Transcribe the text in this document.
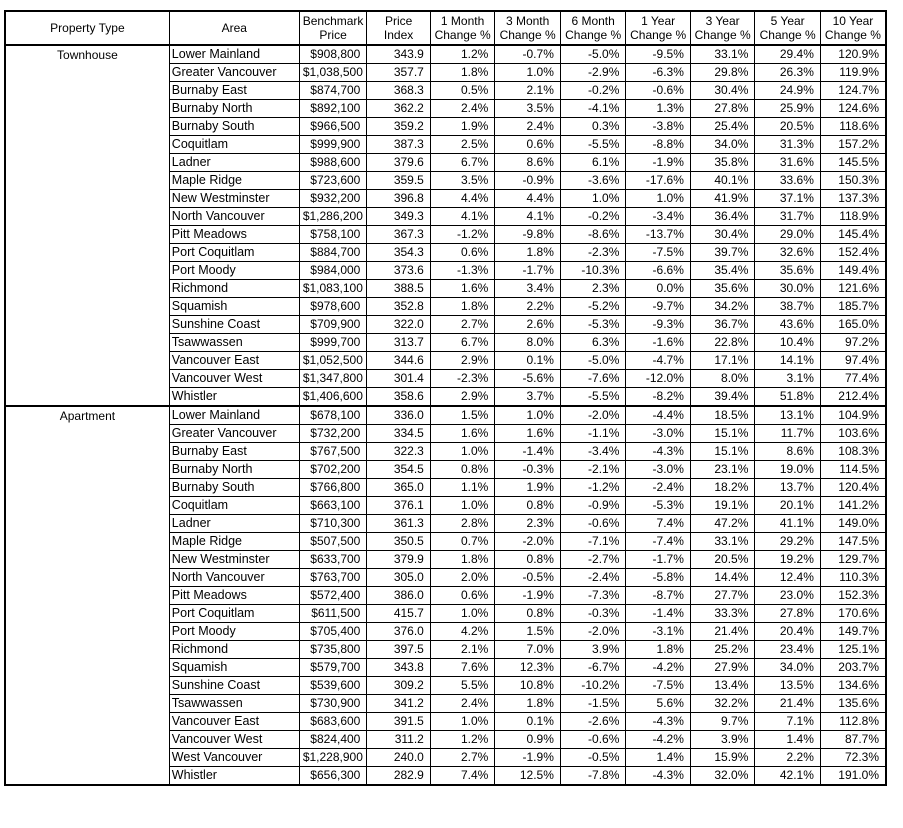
Property Type	Area	Benchmark Price	Price Index	1 Month Change %	3 Month Change %	6 Month Change %	1 Year Change %	3 Year Change %	5 Year Change %	10 Year Change %
Townhouse	Lower Mainland	$908,800	343.9	1.2%	-0.7%	-5.0%	-9.5%	33.1%	29.4%	120.9%
	Greater Vancouver	$1,038,500	357.7	1.8%	1.0%	-2.9%	-6.3%	29.8%	26.3%	119.9%
	Burnaby East	$874,700	368.3	0.5%	2.1%	-0.2%	-0.6%	30.4%	24.9%	124.7%
	Burnaby North	$892,100	362.2	2.4%	3.5%	-4.1%	1.3%	27.8%	25.9%	124.6%
	Burnaby South	$966,500	359.2	1.9%	2.4%	0.3%	-3.8%	25.4%	20.5%	118.6%
	Coquitlam	$999,900	387.3	2.5%	0.6%	-5.5%	-8.8%	34.0%	31.3%	157.2%
	Ladner	$988,600	379.6	6.7%	8.6%	6.1%	-1.9%	35.8%	31.6%	145.5%
	Maple Ridge	$723,600	359.5	3.5%	-0.9%	-3.6%	-17.6%	40.1%	33.6%	150.3%
	New Westminster	$932,200	396.8	4.4%	4.4%	1.0%	1.0%	41.9%	37.1%	137.3%
	North Vancouver	$1,286,200	349.3	4.1%	4.1%	-0.2%	-3.4%	36.4%	31.7%	118.9%
	Pitt Meadows	$758,100	367.3	-1.2%	-9.8%	-8.6%	-13.7%	30.4%	29.0%	145.4%
	Port Coquitlam	$884,700	354.3	0.6%	1.8%	-2.3%	-7.5%	39.7%	32.6%	152.4%
	Port Moody	$984,000	373.6	-1.3%	-1.7%	-10.3%	-6.6%	35.4%	35.6%	149.4%
	Richmond	$1,083,100	388.5	1.6%	3.4%	2.3%	0.0%	35.6%	30.0%	121.6%
	Squamish	$978,600	352.8	1.8%	2.2%	-5.2%	-9.7%	34.2%	38.7%	185.7%
	Sunshine Coast	$709,900	322.0	2.7%	2.6%	-5.3%	-9.3%	36.7%	43.6%	165.0%
	Tsawwassen	$999,700	313.7	6.7%	8.0%	6.3%	-1.6%	22.8%	10.4%	97.2%
	Vancouver East	$1,052,500	344.6	2.9%	0.1%	-5.0%	-4.7%	17.1%	14.1%	97.4%
	Vancouver West	$1,347,800	301.4	-2.3%	-5.6%	-7.6%	-12.0%	8.0%	3.1%	77.4%
	Whistler	$1,406,600	358.6	2.9%	3.7%	-5.5%	-8.2%	39.4%	51.8%	212.4%
Apartment	Lower Mainland	$678,100	336.0	1.5%	1.0%	-2.0%	-4.4%	18.5%	13.1%	104.9%
	Greater Vancouver	$732,200	334.5	1.6%	1.6%	-1.1%	-3.0%	15.1%	11.7%	103.6%
	Burnaby East	$767,500	322.3	1.0%	-1.4%	-3.4%	-4.3%	15.1%	8.6%	108.3%
	Burnaby North	$702,200	354.5	0.8%	-0.3%	-2.1%	-3.0%	23.1%	19.0%	114.5%
	Burnaby South	$766,800	365.0	1.1%	1.9%	-1.2%	-2.4%	18.2%	13.7%	120.4%
	Coquitlam	$663,100	376.1	1.0%	0.8%	-0.9%	-5.3%	19.1%	20.1%	141.2%
	Ladner	$710,300	361.3	2.8%	2.3%	-0.6%	7.4%	47.2%	41.1%	149.0%
	Maple Ridge	$507,500	350.5	0.7%	-2.0%	-7.1%	-7.4%	33.1%	29.2%	147.5%
	New Westminster	$633,700	379.9	1.8%	0.8%	-2.7%	-1.7%	20.5%	19.2%	129.7%
	North Vancouver	$763,700	305.0	2.0%	-0.5%	-2.4%	-5.8%	14.4%	12.4%	110.3%
	Pitt Meadows	$572,400	386.0	0.6%	-1.9%	-7.3%	-8.7%	27.7%	23.0%	152.3%
	Port Coquitlam	$611,500	415.7	1.0%	0.8%	-0.3%	-1.4%	33.3%	27.8%	170.6%
	Port Moody	$705,400	376.0	4.2%	1.5%	-2.0%	-3.1%	21.4%	20.4%	149.7%
	Richmond	$735,800	397.5	2.1%	7.0%	3.9%	1.8%	25.2%	23.4%	125.1%
	Squamish	$579,700	343.8	7.6%	12.3%	-6.7%	-4.2%	27.9%	34.0%	203.7%
	Sunshine Coast	$539,600	309.2	5.5%	10.8%	-10.2%	-7.5%	13.4%	13.5%	134.6%
	Tsawwassen	$730,900	341.2	2.4%	1.8%	-1.5%	5.6%	32.2%	21.4%	135.6%
	Vancouver East	$683,600	391.5	1.0%	0.1%	-2.6%	-4.3%	9.7%	7.1%	112.8%
	Vancouver West	$824,400	311.2	1.2%	0.9%	-0.6%	-4.2%	3.9%	1.4%	87.7%
	West Vancouver	$1,228,900	240.0	2.7%	-1.9%	-0.5%	1.4%	15.9%	2.2%	72.3%
	Whistler	$656,300	282.9	7.4%	12.5%	-7.8%	-4.3%	32.0%	42.1%	191.0%
